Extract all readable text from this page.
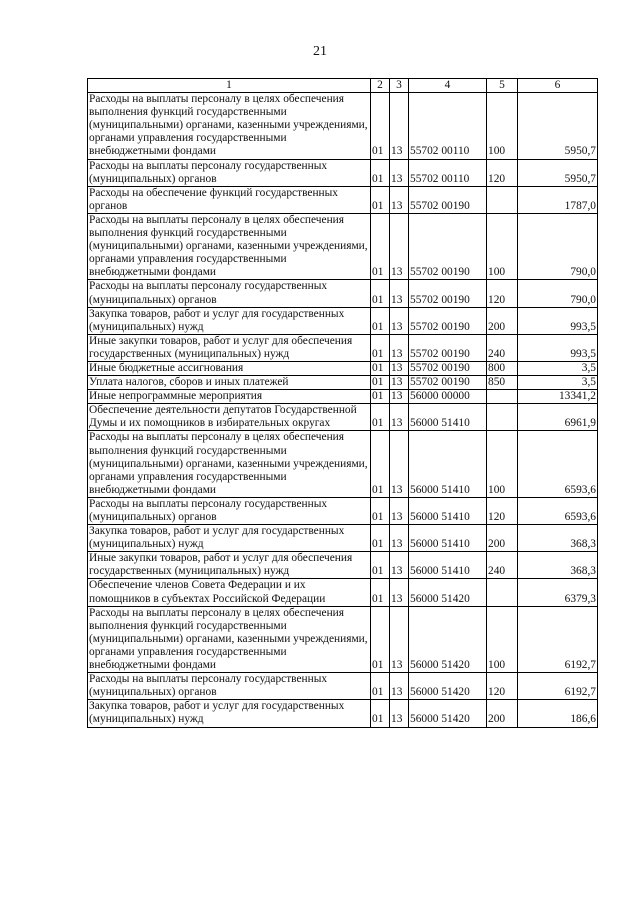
21
1	2	3	4	5	6
Расходы на выплаты персоналу в целях обеспечения выполнения функций государственными (муниципальными) органами, казенными учреждениями, органами управления государственными внебюджетными фондами	01	13	55702 00110	100	5950,7
Расходы на выплаты персоналу государственных (муниципальных) органов	01	13	55702 00110	120	5950,7
Расходы на обеспечение функций государственных органов	01	13	55702 00190		1787,0
Расходы на выплаты персоналу в целях обеспечения выполнения функций государственными (муниципальными) органами, казенными учреждениями, органами управления государственными внебюджетными фондами	01	13	55702 00190	100	790,0
Расходы на выплаты персоналу государственных (муниципальных) органов	01	13	55702 00190	120	790,0
Закупка товаров, работ и услуг для государственных (муниципальных) нужд	01	13	55702 00190	200	993,5
Иные закупки товаров, работ и услуг для обеспечения государственных (муниципальных) нужд	01	13	55702 00190	240	993,5
Иные бюджетные ассигнования	01	13	55702 00190	800	3,5
Уплата налогов, сборов и иных платежей	01	13	55702 00190	850	3,5
Иные непрограммные мероприятия	01	13	56000 00000		13341,2
Обеспечение деятельности депутатов Государственной Думы и их помощников в избирательных округах	01	13	56000 51410		6961,9
Расходы на выплаты персоналу в целях обеспечения выполнения функций государственными (муниципальными) органами, казенными учреждениями, органами управления государственными внебюджетными фондами	01	13	56000 51410	100	6593,6
Расходы на выплаты персоналу государственных (муниципальных) органов	01	13	56000 51410	120	6593,6
Закупка товаров, работ и услуг для государственных (муниципальных) нужд	01	13	56000 51410	200	368,3
Иные закупки товаров, работ и услуг для обеспечения государственных (муниципальных) нужд	01	13	56000 51410	240	368,3
Обеспечение членов Совета Федерации и их помощников в субъектах Российской Федерации	01	13	56000 51420		6379,3
Расходы на выплаты персоналу в целях обеспечения выполнения функций государственными (муниципальными) органами, казенными учреждениями, органами управления государственными внебюджетными фондами	01	13	56000 51420	100	6192,7
Расходы на выплаты персоналу государственных (муниципальных) органов	01	13	56000 51420	120	6192,7
Закупка товаров, работ и услуг для государственных (муниципальных) нужд	01	13	56000 51420	200	186,6
